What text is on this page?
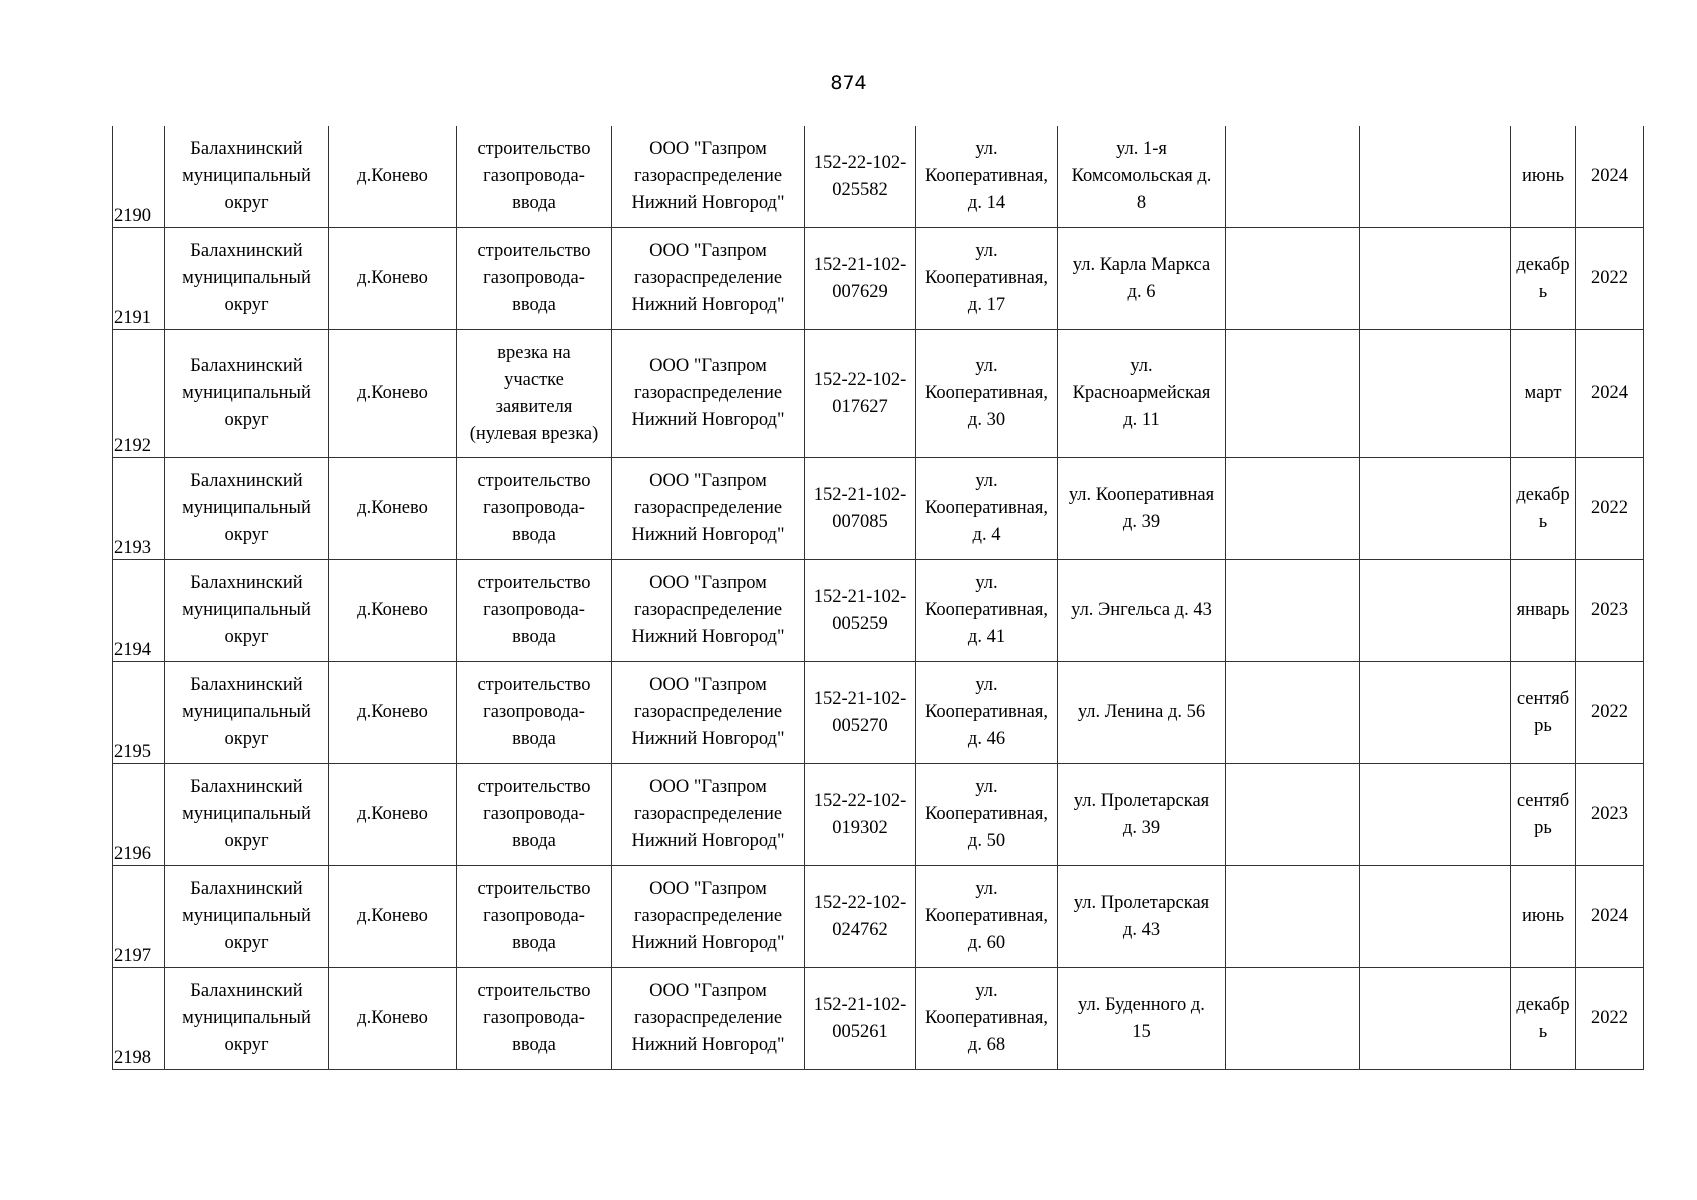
874
2190	Балахнинский
муниципальный
округ	д.Конево	строительство
газопровода-
ввода	ООО "Газпром
газораспределение
Нижний Новгород"	152-22-102-
025582	ул.
Кооперативная,
д. 14	ул. 1-я
Комсомольская д.
8			июнь	2024
2191	Балахнинский
муниципальный
округ	д.Конево	строительство
газопровода-
ввода	ООО "Газпром
газораспределение
Нижний Новгород"	152-21-102-
007629	ул.
Кооперативная,
д. 17	ул. Карла Маркса
д. 6			декабр
ь	2022
2192	Балахнинский
муниципальный
округ	д.Конево	врезка на
участке
заявителя
(нулевая врезка)	ООО "Газпром
газораспределение
Нижний Новгород"	152-22-102-
017627	ул.
Кооперативная,
д. 30	ул.
Красноармейская
д. 11			март	2024
2193	Балахнинский
муниципальный
округ	д.Конево	строительство
газопровода-
ввода	ООО "Газпром
газораспределение
Нижний Новгород"	152-21-102-
007085	ул.
Кооперативная,
д. 4	ул. Кооперативная
д. 39			декабр
ь	2022
2194	Балахнинский
муниципальный
округ	д.Конево	строительство
газопровода-
ввода	ООО "Газпром
газораспределение
Нижний Новгород"	152-21-102-
005259	ул.
Кооперативная,
д. 41	ул. Энгельса д. 43			январь	2023
2195	Балахнинский
муниципальный
округ	д.Конево	строительство
газопровода-
ввода	ООО "Газпром
газораспределение
Нижний Новгород"	152-21-102-
005270	ул.
Кооперативная,
д. 46	ул. Ленина д. 56			сентяб
рь	2022
2196	Балахнинский
муниципальный
округ	д.Конево	строительство
газопровода-
ввода	ООО "Газпром
газораспределение
Нижний Новгород"	152-22-102-
019302	ул.
Кооперативная,
д. 50	ул. Пролетарская
д. 39			сентяб
рь	2023
2197	Балахнинский
муниципальный
округ	д.Конево	строительство
газопровода-
ввода	ООО "Газпром
газораспределение
Нижний Новгород"	152-22-102-
024762	ул.
Кооперативная,
д. 60	ул. Пролетарская
д. 43			июнь	2024
2198	Балахнинский
муниципальный
округ	д.Конево	строительство
газопровода-
ввода	ООО "Газпром
газораспределение
Нижний Новгород"	152-21-102-
005261	ул.
Кооперативная,
д. 68	ул. Буденного д.
15			декабр
ь	2022
